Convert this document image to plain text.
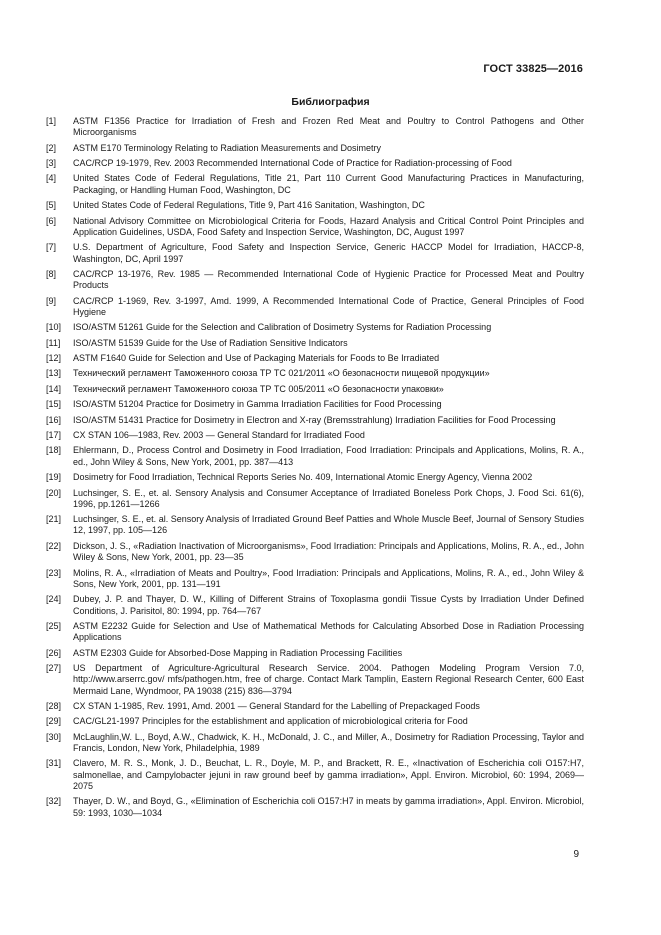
ГОСТ 33825—2016
Библиография
[1]	ASTM F1356 Practice for Irradiation of Fresh and Frozen Red Meat and Poultry to Control Pathogens and Other Microorganisms
[2]	ASTM E170 Terminology Relating to Radiation Measurements and Dosimetry
[3]	CAC/RCP 19-1979, Rev. 2003 Recommended International Code of Practice for Radiation-processing of Food
[4]	United States Code of Federal Regulations, Title 21, Part 110 Current Good Manufacturing Practices in Manufacturing, Packaging, or Handling Human Food, Washington, DC
[5]	United States Code of Federal Regulations, Title 9, Part 416 Sanitation, Washington, DC
[6]	National Advisory Committee on Microbiological Criteria for Foods, Hazard Analysis and Critical Control Point Principles and Application Guidelines, USDA, Food Safety and Inspection Service, Washington, DC, August 1997
[7]	U.S. Department of Agriculture, Food Safety and Inspection Service, Generic HACCP Model for Irradiation, HACCP-8, Washington, DC, April 1997
[8]	CAC/RCP 13-1976, Rev. 1985 — Recommended International Code of Hygienic Practice for Processed Meat and Poultry Products
[9]	CAC/RCP 1-1969, Rev. 3-1997, Amd. 1999, A Recommended International Code of Practice, General Principles of Food Hygiene
[10]	ISO/ASTM 51261 Guide for the Selection and Calibration of Dosimetry Systems for Radiation Processing
[11]	ISO/ASTM 51539 Guide for the Use of Radiation Sensitive Indicators
[12]	ASTM F1640 Guide for Selection and Use of Packaging Materials for Foods to Be Irradiated
[13]	Технический регламент Таможенного союза ТР ТС 021/2011 «О безопасности пищевой продукции»
[14]	Технический регламент Таможенного союза ТР ТС 005/2011 «О безопасности упаковки»
[15]	ISO/ASTM 51204 Practice for Dosimetry in Gamma Irradiation Facilities for Food Processing
[16]	ISO/ASTM 51431 Practice for Dosimetry in Electron and X-ray (Bremsstrahlung) Irradiation Facilities for Food Processing
[17]	CX STAN 106—1983, Rev. 2003 — General Standard for Irradiated Food
[18]	Ehlermann, D., Process Control and Dosimetry in Food Irradiation, Food Irradiation: Principals and Applications, Molins, R. A., ed., John Wiley & Sons, New York, 2001, pp. 387—413
[19]	Dosimetry for Food Irradiation, Technical Reports Series No. 409, International Atomic Energy Agency, Vienna 2002
[20]	Luchsinger, S. E., et. al. Sensory Analysis and Consumer Acceptance of Irradiated Boneless Pork Chops, J. Food Sci. 61(6), 1996, pp.1261—1266
[21]	Luchsinger, S. E., et. al. Sensory Analysis of Irradiated Ground Beef Patties and Whole Muscle Beef, Journal of Sensory Studies 12, 1997, pp. 105—126
[22]	Dickson, J. S., «Radiation Inactivation of Microorganisms», Food Irradiation: Principals and Applications, Molins, R. A., ed., John Wiley & Sons, New York, 2001, pp. 23—35
[23]	Molins, R. A., «Irradiation of Meats and Poultry», Food Irradiation: Principals and Applications, Molins, R. A., ed., John Wiley & Sons, New York, 2001, pp. 131—191
[24]	Dubey, J. P. and Thayer, D. W., Killing of Different Strains of Toxoplasma gondii Tissue Cysts by Irradiation Under Defined Conditions, J. Parisitol, 80: 1994, pp. 764—767
[25]	ASTM E2232 Guide for Selection and Use of Mathematical Methods for Calculating Absorbed Dose in Radiation Processing Applications
[26]	ASTM E2303 Guide for Absorbed-Dose Mapping in Radiation Processing Facilities
[27]	US Department of Agriculture-Agricultural Research Service. 2004. Pathogen Modeling Program Version 7.0, http://www.arserrc.gov/ mfs/pathogen.htm, free of charge. Contact Mark Tamplin, Eastern Regional Research Center, 600 East Mermaid Lane, Wyndmoor, PA 19038 (215) 836—3794
[28]	CX STAN 1-1985, Rev. 1991, Amd. 2001 — General Standard for the Labelling of Prepackaged Foods
[29]	CAC/GL21-1997 Principles for the establishment and application of microbiological criteria for Food
[30]	McLaughlin,W. L., Boyd, A.W., Chadwick, K. H., McDonald, J. C., and Miller, A., Dosimetry for Radiation Processing, Taylor and Francis, London, New York, Philadelphia, 1989
[31]	Clavero, M. R. S., Monk, J. D., Beuchat, L. R., Doyle, M. P., and Brackett, R. E., «Inactivation of Escherichia coli O157:H7, salmonellae, and Campylobacter jejuni in raw ground beef by gamma irradiation», Appl. Environ. Microbiol, 60: 1994, 2069—2075
[32]	Thayer, D. W., and Boyd, G., «Elimination of Escherichia coli O157:H7 in meats by gamma irradiation», Appl. Environ. Microbiol, 59: 1993, 1030—1034
9
